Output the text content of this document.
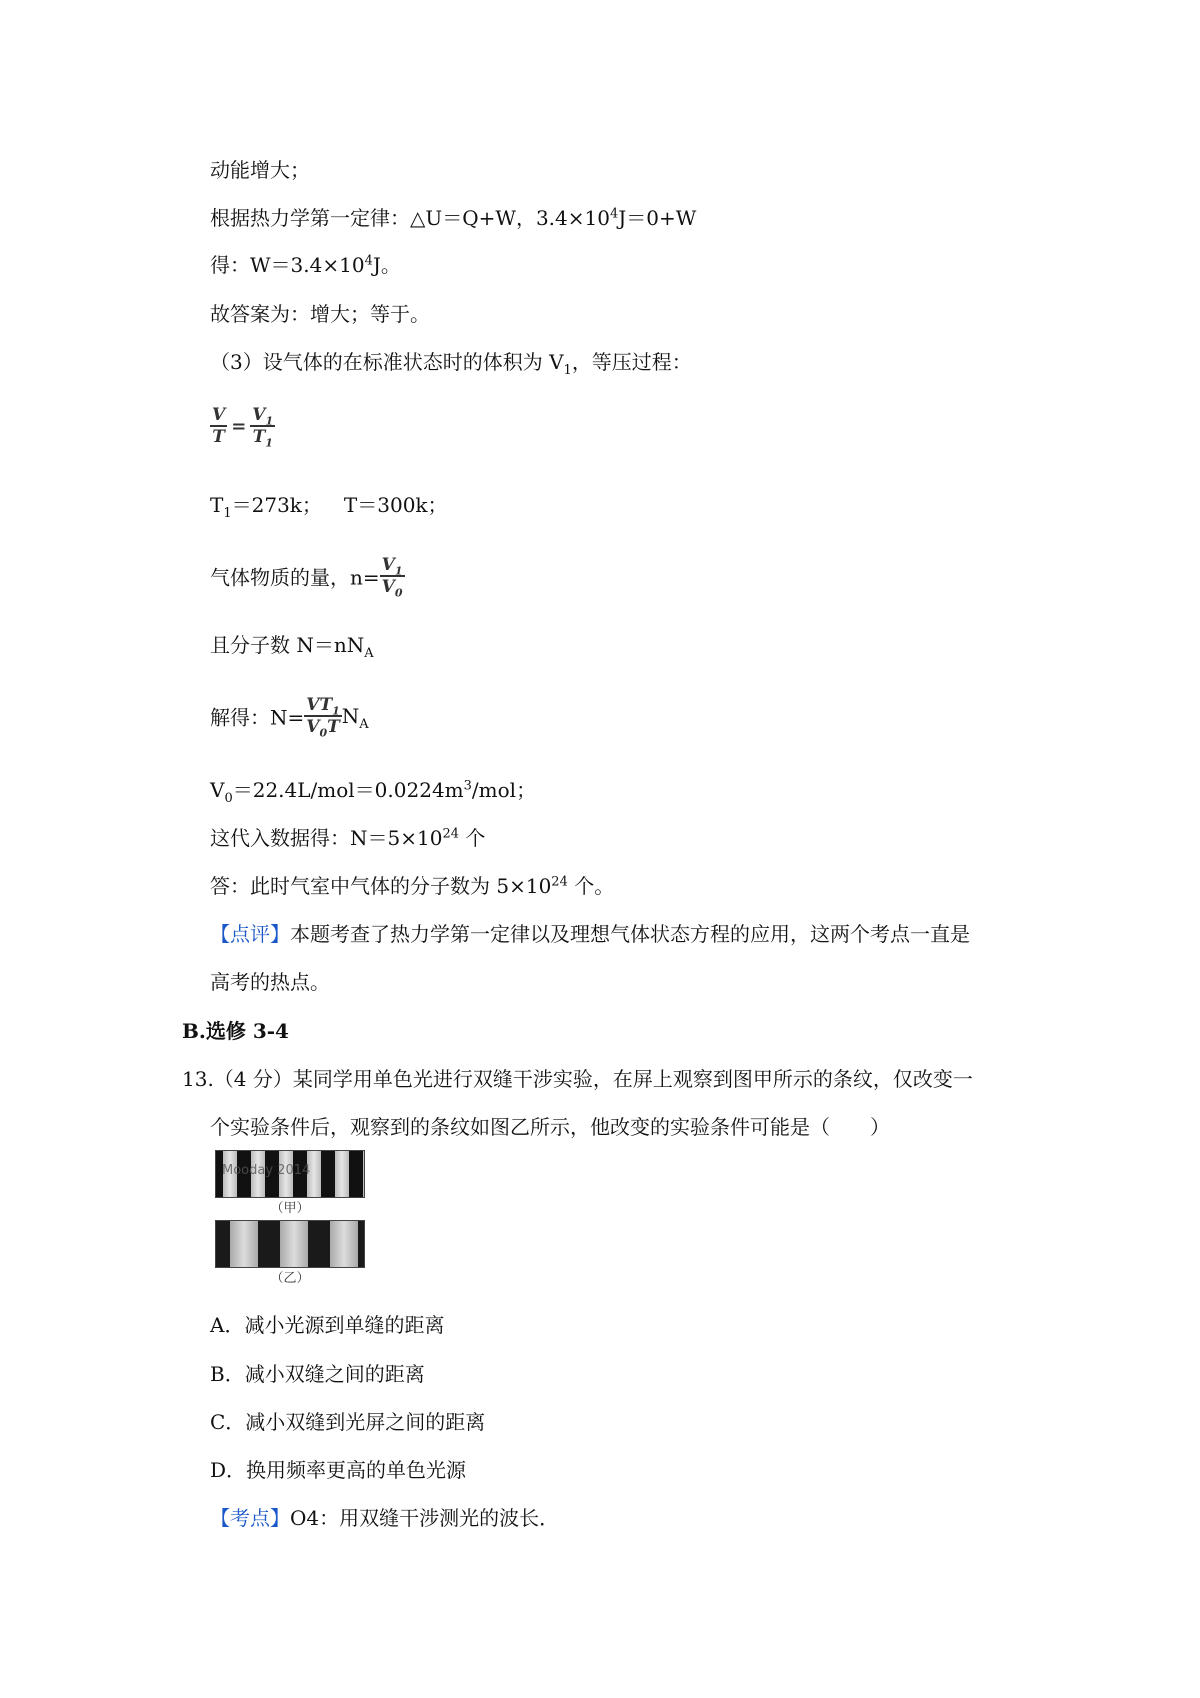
动能增大；
根据热力学第一定律：△U＝Q+W，$3.4\times 10^4J=0+W$
得：$W=3.4\times 10^4J$。
故答案为：增大；等于。
（3）设气体的在标准状态时的体积为 $V_1$，等压过程：
$\frac{V}{T} = \frac{V_1}{T_1}$
$T_1=273k$； T＝300k；
气体物质的量，$n= \frac{V_1}{V_0}$
且分子数 $N=nN_A$
解得：$N= \frac{VT_1}{V_0T} N_A$
$V_0=22.4L/mol=0.0224m^3$/mol；
这代入数据得：$N=5\times 10^{24}$ 个
答：此时气室中气体的分子数为 $5\times 10^{24}$ 个。
【点评】本题考查了热力学第一定律以及理想气体状态方程的应用，这两个考点一直是
高考的热点。
B.选修 3-4
13.（4 分）某同学用单色光进行双缝干涉实验，在屏上观察到图甲所示的条纹，仅改变一
个实验条件后，观察到的条纹如图乙所示，他改变的实验条件可能是（　　）
Mooday 2014
（甲）
（乙）
A．减小光源到单缝的距离
B．减小双缝之间的距离
C．减小双缝到光屏之间的距离
D．换用频率更高的单色光源
【考点】O4：用双缝干涉测光的波长．
